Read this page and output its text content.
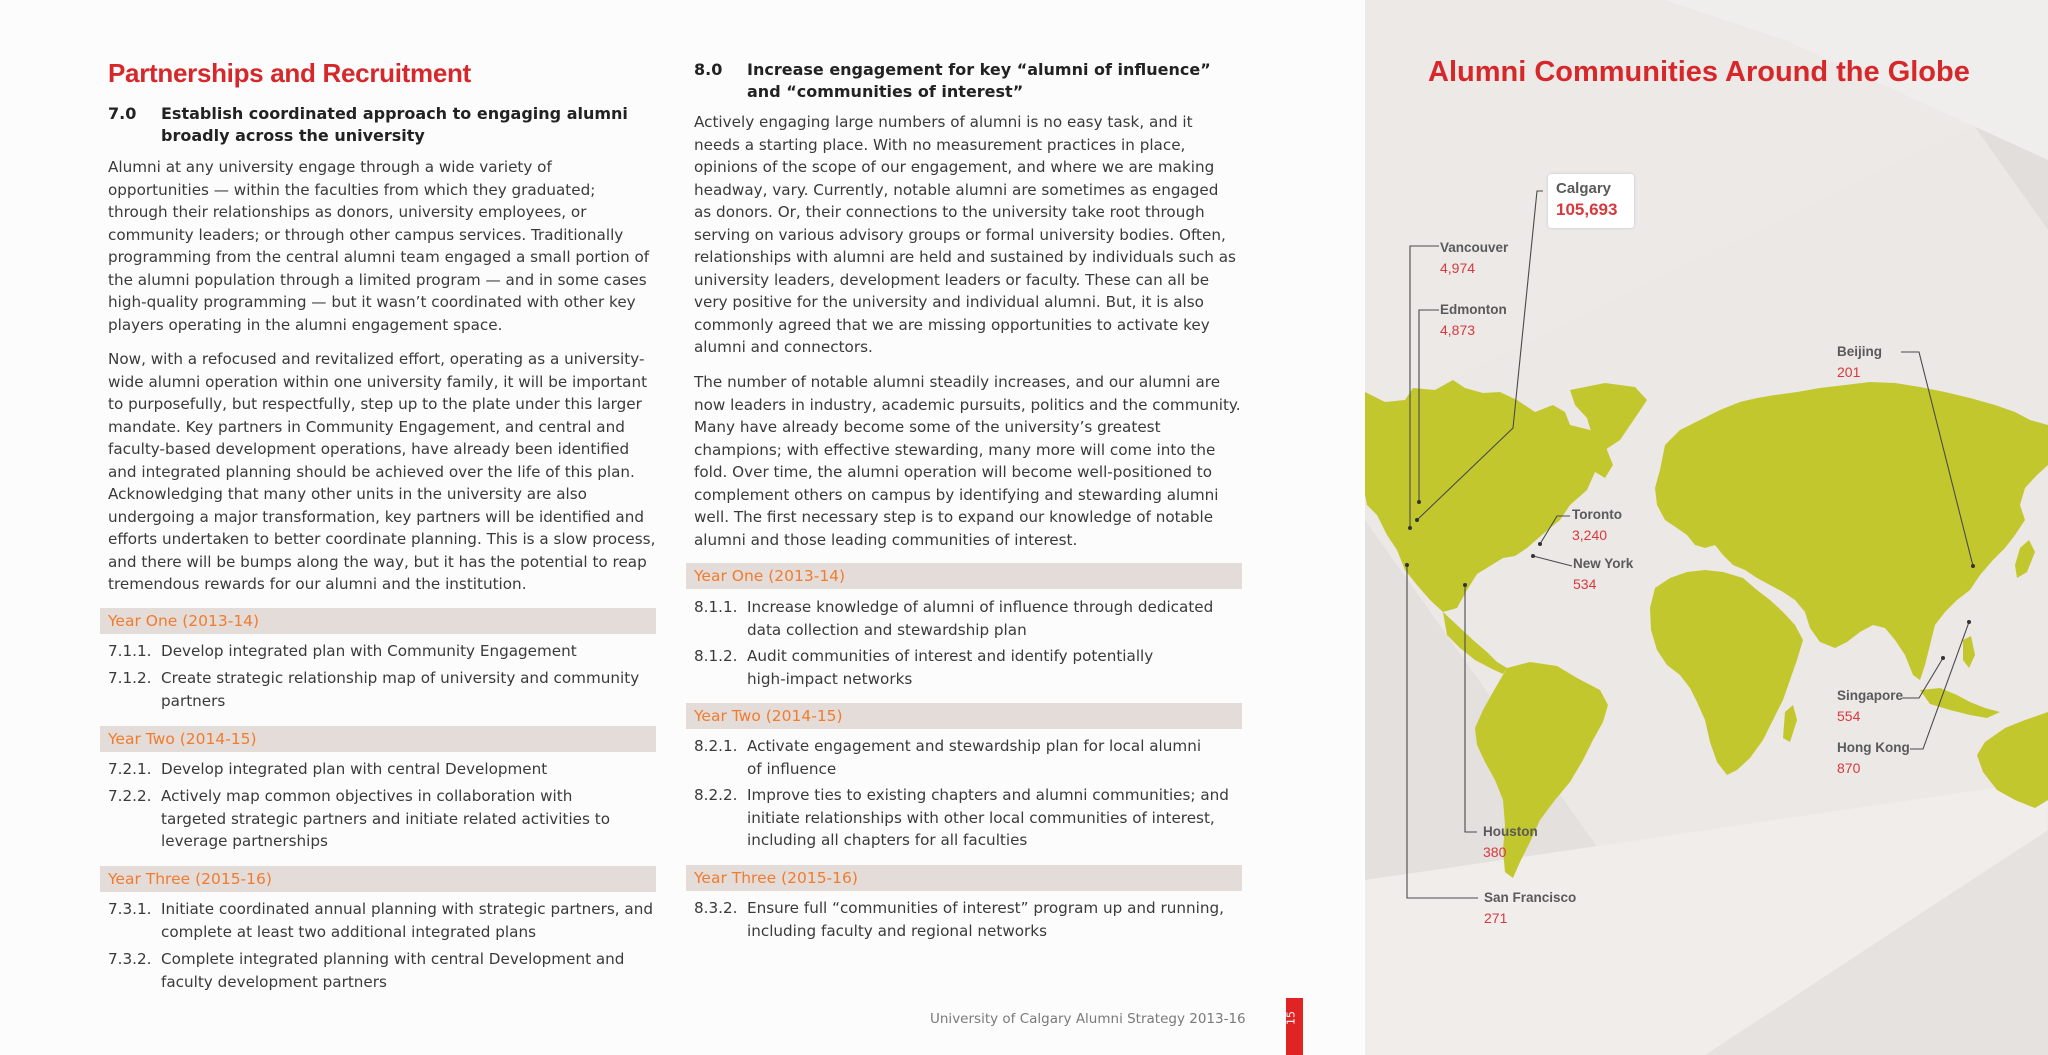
Partnerships and Recruitment
7.0	Establish coordinated approach to engaging alumni broadly across the university

Alumni at any university engage through a wide variety of opportunities — within the faculties from which they graduated; through their relationships as donors, university employees, or community leaders; or through other campus services. Traditionally programming from the central alumni team engaged a small portion of the alumni population through a limited program — and in some cases high-quality programming — but it wasn’t coordinated with other key players operating in the alumni engagement space.

Now, with a refocused and revitalized effort, operating as a university-wide alumni operation within one university family, it will be important to purposefully, but respectfully, step up to the plate under this larger mandate. Key partners in Community Engagement, and central and faculty-based development operations, have already been identified and integrated planning should be achieved over the life of this plan. Acknowledging that many other units in the university are also undergoing a major transformation, key partners will be identified and efforts undertaken to better coordinate planning. This is a slow process, and there will be bumps along the way, but it has the potential to reap tremendous rewards for our alumni and the institution.

Year One (2013-14)
7.1.1. Develop integrated plan with Community Engagement
7.1.2. Create strategic relationship map of university and community partners
Year Two (2014-15)
7.2.1. Develop integrated plan with central Development
7.2.2. Actively map common objectives in collaboration with targeted strategic partners and initiate related activities to leverage partnerships
Year Three (2015-16)
7.3.1. Initiate coordinated annual planning with strategic partners, and complete at least two additional integrated plans
7.3.2. Complete integrated planning with central Development and faculty development partners
8.0	Increase engagement for key “alumni of influence” and “communities of interest”

Actively engaging large numbers of alumni is no easy task, and it needs a starting place. With no measurement practices in place, opinions of the scope of our engagement, and where we are making headway, vary. Currently, notable alumni are sometimes as engaged as donors. Or, their connections to the university take root through serving on various advisory groups or formal university bodies. Often, relationships with alumni are held and sustained by individuals such as university leaders, development leaders or faculty. These can all be very positive for the university and individual alumni. But, it is also commonly agreed that we are missing opportunities to activate key alumni and connectors.

The number of notable alumni steadily increases, and our alumni are now leaders in industry, academic pursuits, politics and the community. Many have already become some of the university’s greatest champions; with effective stewarding, many more will come into the fold. Over time, the alumni operation will become well-positioned to complement others on campus by identifying and stewarding alumni well. The first necessary step is to expand our knowledge of notable alumni and those leading communities of interest.

Year One (2013-14)
8.1.1. Increase knowledge of alumni of influence through dedicated data collection and stewardship plan
8.1.2. Audit communities of interest and identify potentially high-impact networks
Year Two (2014-15)
8.2.1. Activate engagement and stewardship plan for local alumni of influence
8.2.2. Improve ties to existing chapters and alumni communities; and initiate relationships with other local communities of interest, including all chapters for all faculties
Year Three (2015-16)
8.3.2. Ensure full “communities of interest” program up and running, including faculty and regional networks
University of Calgary Alumni Strategy 2013-16	15
Alumni Communities Around the Globe
Calgary
105,693
Vancouver
4,974
Edmonton
4,873
Beijing
201
Toronto
3,240
New York
534
Singapore
554
Hong Kong
870
Houston
380
San Francisco
271
